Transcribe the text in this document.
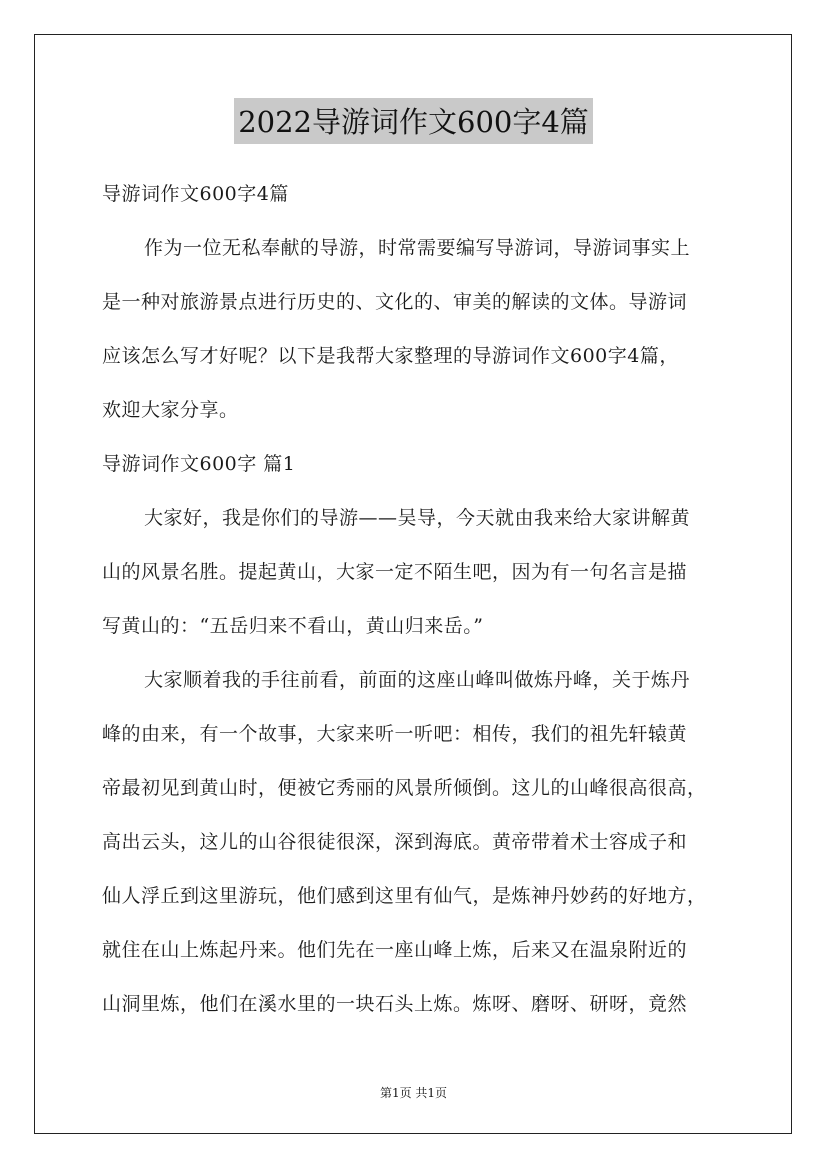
2022导游词作文600字4篇
导游词作文600字4篇
作为一位无私奉献的导游，时常需要编写导游词，导游词事实上
是一种对旅游景点进行历史的、文化的、审美的解读的文体。导游词
应该怎么写才好呢？以下是我帮大家整理的导游词作文600字4篇，
欢迎大家分享。
导游词作文600字 篇1
大家好，我是你们的导游——吴导，今天就由我来给大家讲解黄
山的风景名胜。提起黄山，大家一定不陌生吧，因为有一句名言是描
写黄山的：“五岳归来不看山，黄山归来岳。”
大家顺着我的手往前看，前面的这座山峰叫做炼丹峰，关于炼丹
峰的由来，有一个故事，大家来听一听吧：相传，我们的祖先轩辕黄
帝最初见到黄山时，便被它秀丽的风景所倾倒。这儿的山峰很高很高，
高出云头，这儿的山谷很徒很深，深到海底。黄帝带着术士容成子和
仙人浮丘到这里游玩，他们感到这里有仙气，是炼神丹妙药的好地方，
就住在山上炼起丹来。他们先在一座山峰上炼，后来又在温泉附近的
山洞里炼，他们在溪水里的一块石头上炼。炼呀、磨呀、研呀，竟然
第1页 共1页
